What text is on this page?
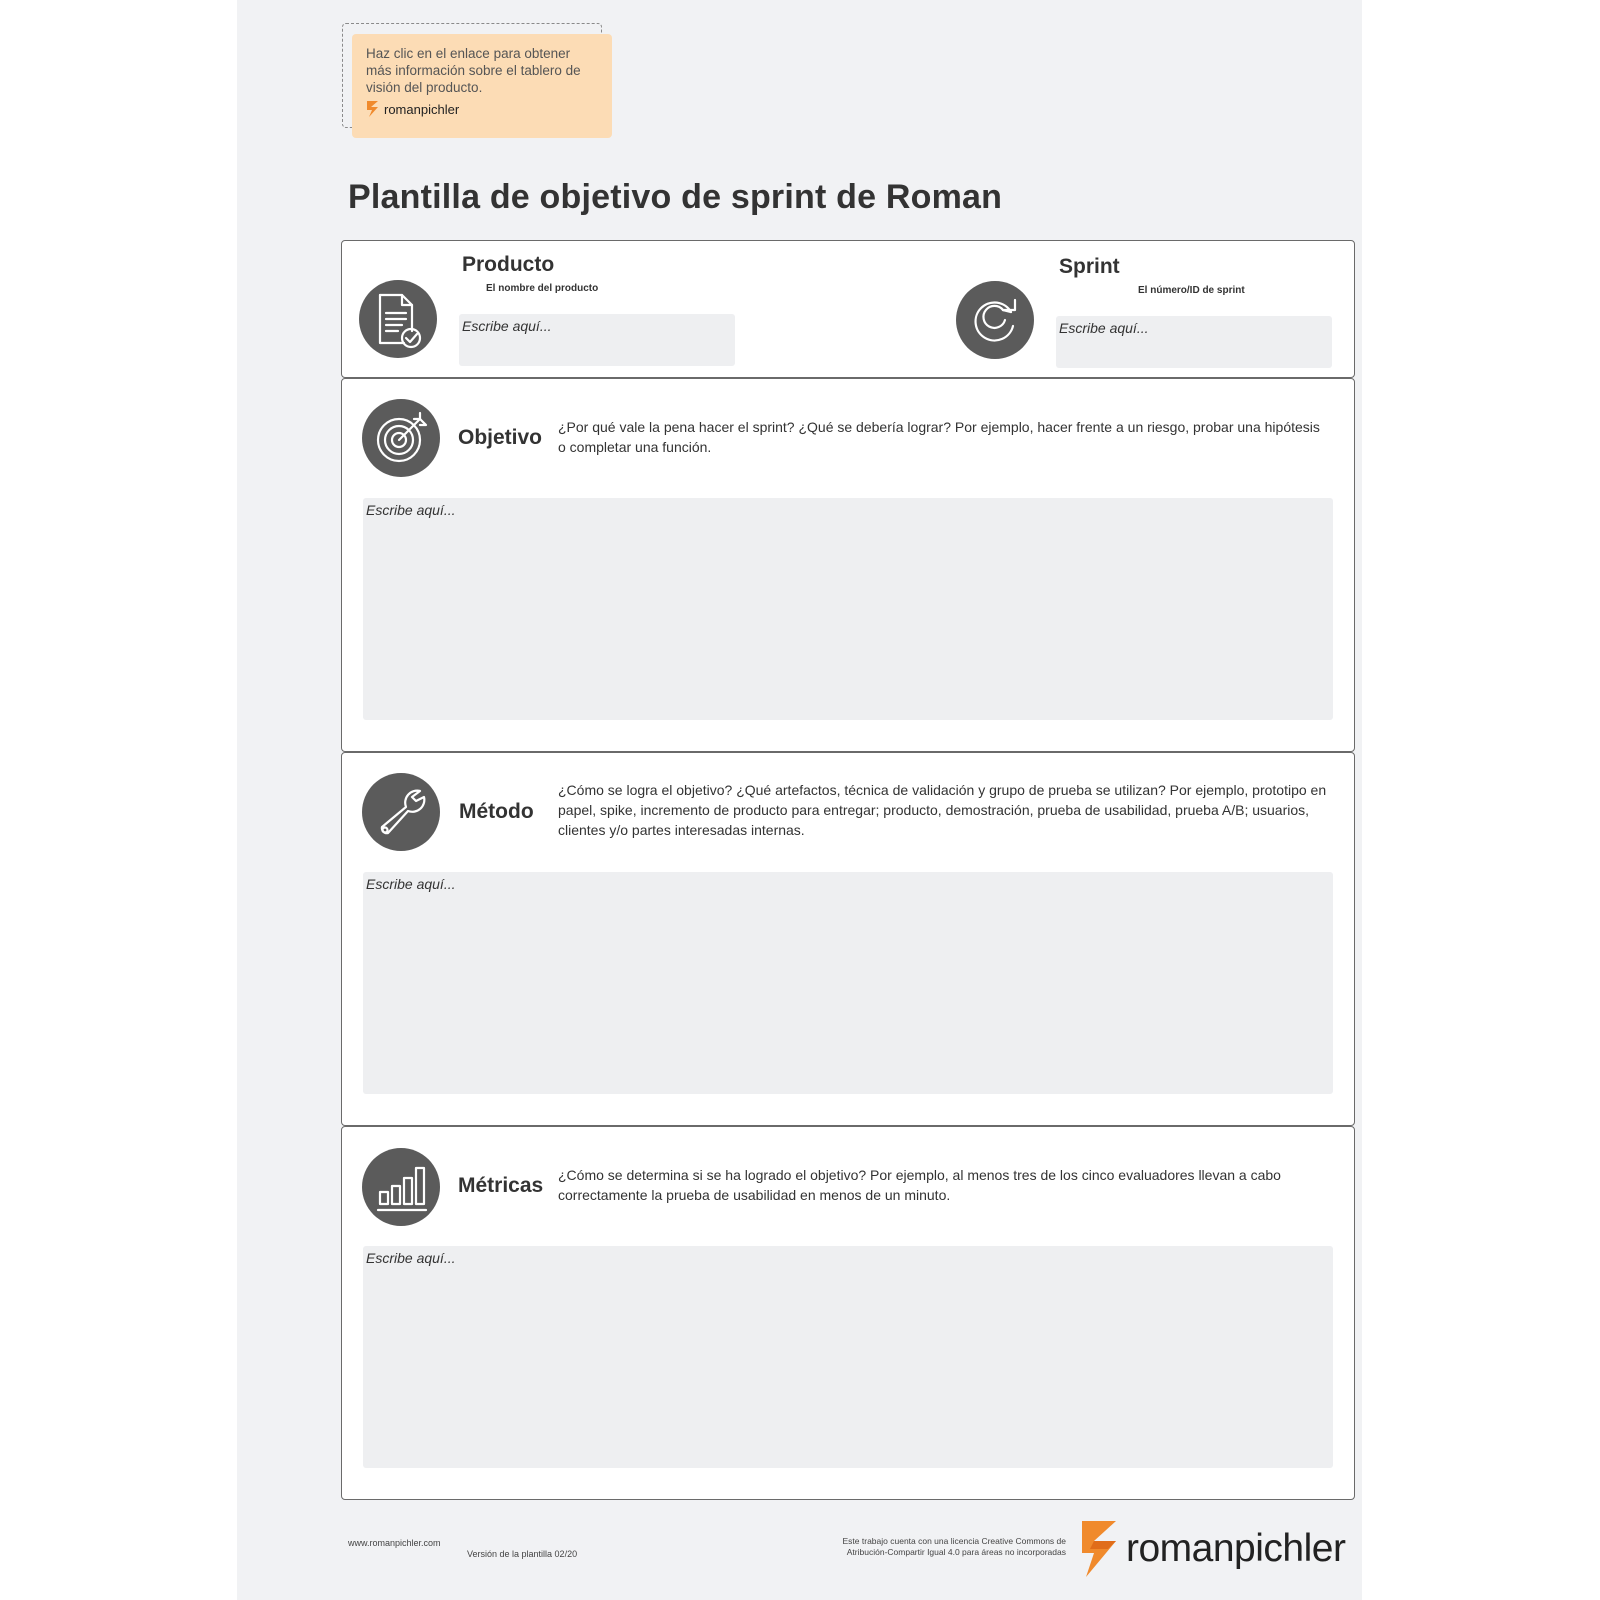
Haz clic en el enlace para obtener más información sobre el tablero de visión del producto.
romanpichler
Plantilla de objetivo de sprint de Roman
Producto
El nombre del producto
Escribe aquí...
Sprint
El número/ID de sprint
Escribe aquí...
Objetivo ¿Por qué vale la pena hacer el sprint? ¿Qué se debería lograr? Por ejemplo, hacer frente a un riesgo, probar una hipótesis o completar una función.
Escribe aquí...
Método
¿Cómo se logra el objetivo? ¿Qué artefactos, técnica de validación y grupo de prueba se utilizan? Por ejemplo, prototipo en papel, spike, incremento de producto para entregar; producto, demostración, prueba de usabilidad, prueba A/B; usuarios, clientes y/o partes interesadas internas.
Escribe aquí...
Métricas ¿Cómo se determina si se ha logrado el objetivo? Por ejemplo, al menos tres de los cinco evaluadores llevan a cabo correctamente la prueba de usabilidad en menos de un minuto.
Escribe aquí...
www.romanpichler.com
Versión de la plantilla 02/20
Este trabajo cuenta con una licencia Creative Commons de Atribución-Compartir Igual 4.0 para áreas no incorporadas romanpichler
